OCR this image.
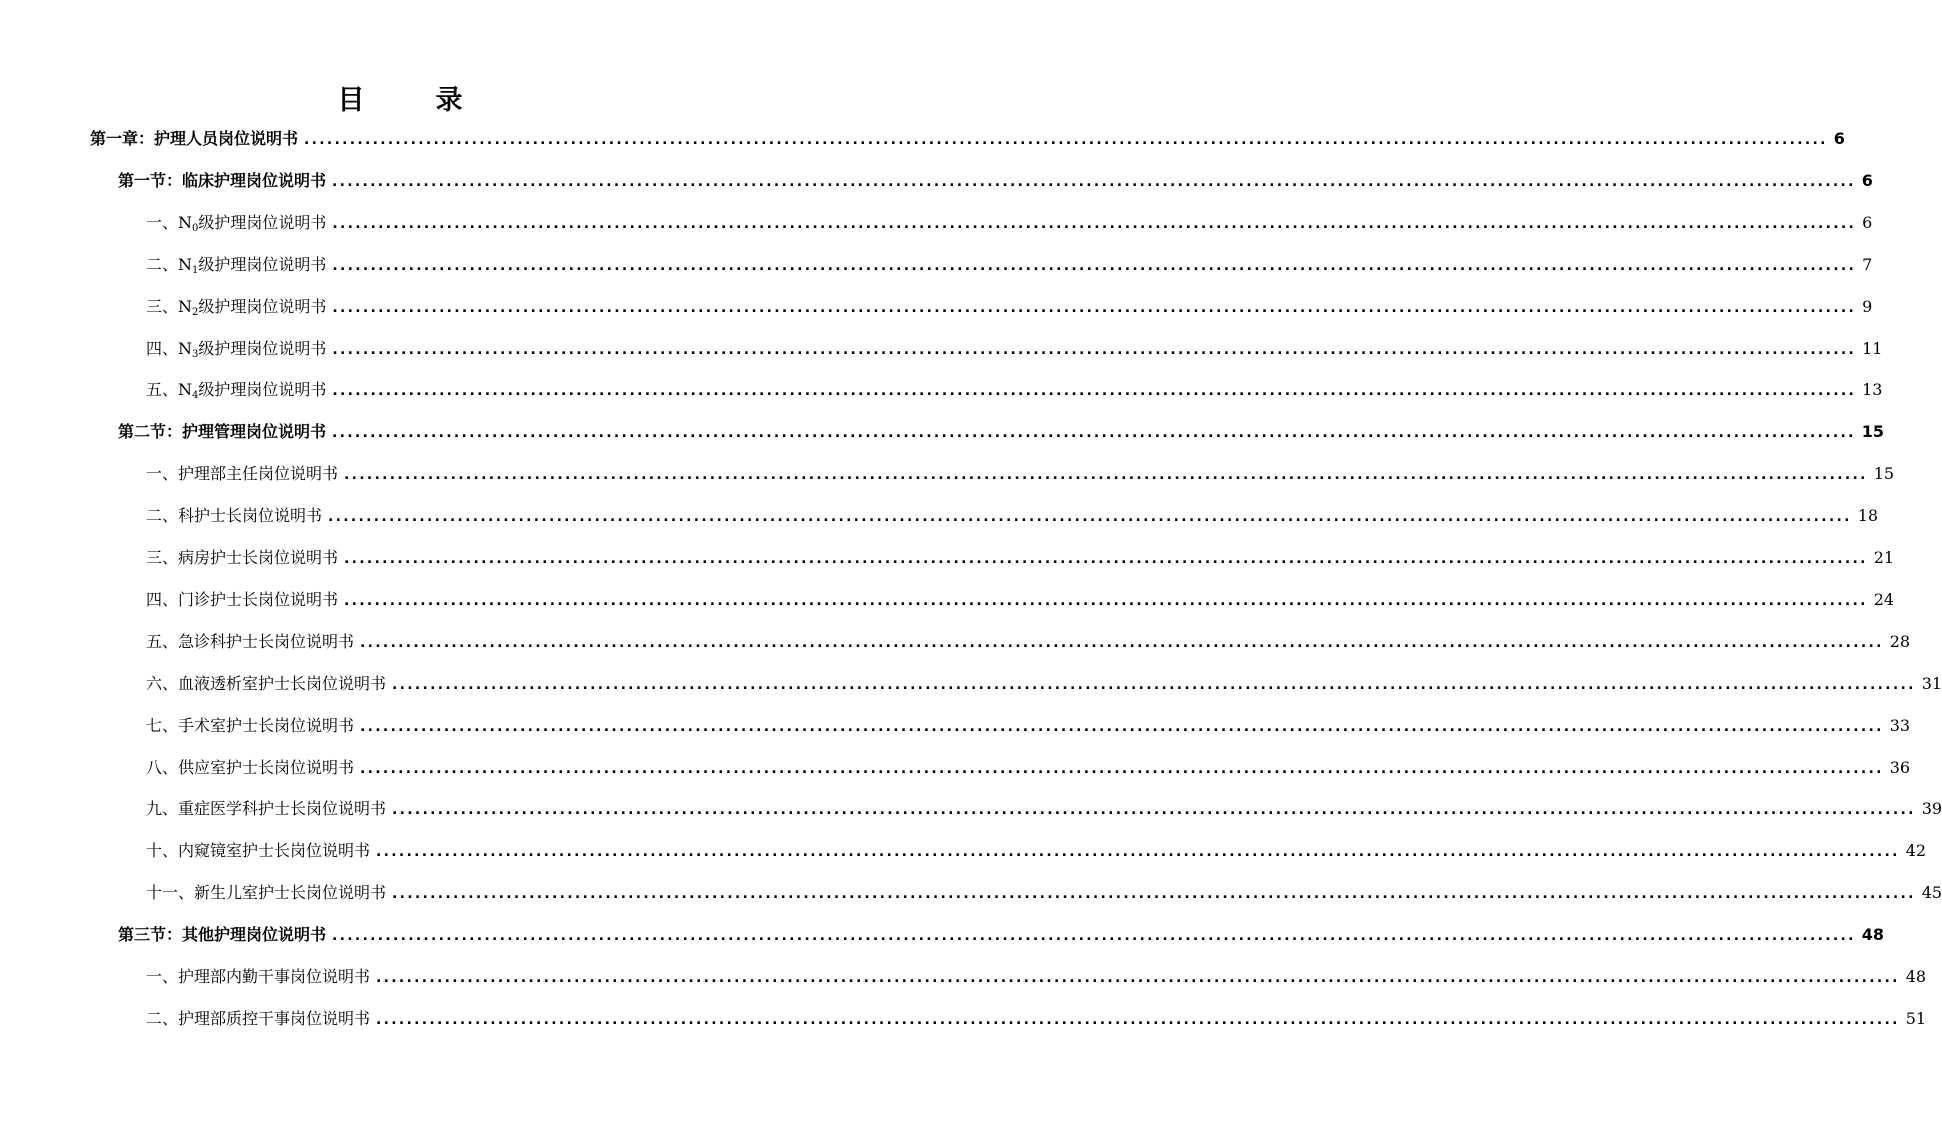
目　录
第一章：护理人员岗位说明书 ........................................................................................................................................................................................................ 6
第一节：临床护理岗位说明书 ........................................................................................................................................................................................................ 6
一、$N_0$级护理岗位说明书 ........................................................................................................................................................................................................ 6
二、$N_1$级护理岗位说明书 ........................................................................................................................................................................................................ 7
三、$N_2$级护理岗位说明书 ........................................................................................................................................................................................................ 9
四、$N_3$级护理岗位说明书 ........................................................................................................................................................................................................ 11
五、$N_4$级护理岗位说明书 ........................................................................................................................................................................................................ 13
第二节：护理管理岗位说明书 ........................................................................................................................................................................................................ 15
一、护理部主任岗位说明书 ........................................................................................................................................................................................................ 15
二、科护士长岗位说明书 ........................................................................................................................................................................................................ 18
三、病房护士长岗位说明书 ........................................................................................................................................................................................................ 21
四、门诊护士长岗位说明书 ........................................................................................................................................................................................................ 24
五、急诊科护士长岗位说明书 ........................................................................................................................................................................................................ 28
六、血液透析室护士长岗位说明书 ........................................................................................................................................................................................................ 31
七、手术室护士长岗位说明书 ........................................................................................................................................................................................................ 33
八、供应室护士长岗位说明书 ........................................................................................................................................................................................................ 36
九、重症医学科护士长岗位说明书 ........................................................................................................................................................................................................ 39
十、内窥镜室护士长岗位说明书 ........................................................................................................................................................................................................ 42
十一、新生儿室护士长岗位说明书 ........................................................................................................................................................................................................ 45
第三节：其他护理岗位说明书 ........................................................................................................................................................................................................ 48
一、护理部内勤干事岗位说明书 ........................................................................................................................................................................................................ 48
二、护理部质控干事岗位说明书 ........................................................................................................................................................................................................ 51
